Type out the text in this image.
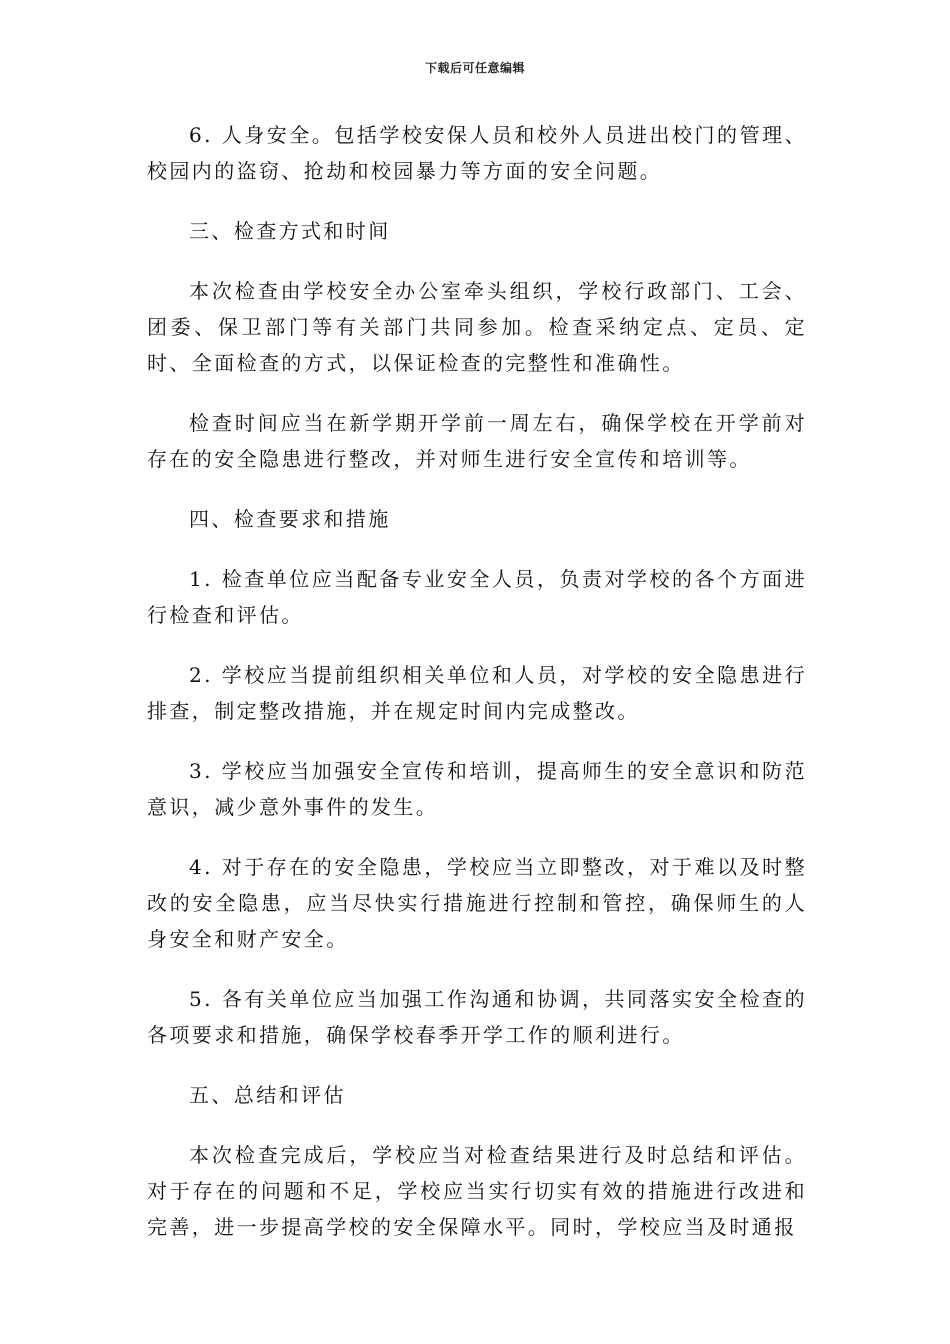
下载后可任意编辑

6. 人身安全。包括学校安保人员和校外人员进出校门的管理、校园内的盗窃、抢劫和校园暴力等方面的安全问题。

三、检查方式和时间

本次检查由学校安全办公室牵头组织，学校行政部门、工会、团委、保卫部门等有关部门共同参加。检查采纳定点、定员、定时、全面检查的方式，以保证检查的完整性和准确性。

检查时间应当在新学期开学前一周左右，确保学校在开学前对存在的安全隐患进行整改，并对师生进行安全宣传和培训等。

四、检查要求和措施

1. 检查单位应当配备专业安全人员，负责对学校的各个方面进行检查和评估。

2. 学校应当提前组织相关单位和人员，对学校的安全隐患进行排查，制定整改措施，并在规定时间内完成整改。

3. 学校应当加强安全宣传和培训，提高师生的安全意识和防范意识，减少意外事件的发生。

4. 对于存在的安全隐患，学校应当立即整改，对于难以及时整改的安全隐患，应当尽快实行措施进行控制和管控，确保师生的人身安全和财产安全。

5. 各有关单位应当加强工作沟通和协调，共同落实安全检查的各项要求和措施，确保学校春季开学工作的顺利进行。

五、总结和评估

本次检查完成后，学校应当对检查结果进行及时总结和评估。对于存在的问题和不足，学校应当实行切实有效的措施进行改进和完善，进一步提高学校的安全保障水平。同时，学校应当及时通报
